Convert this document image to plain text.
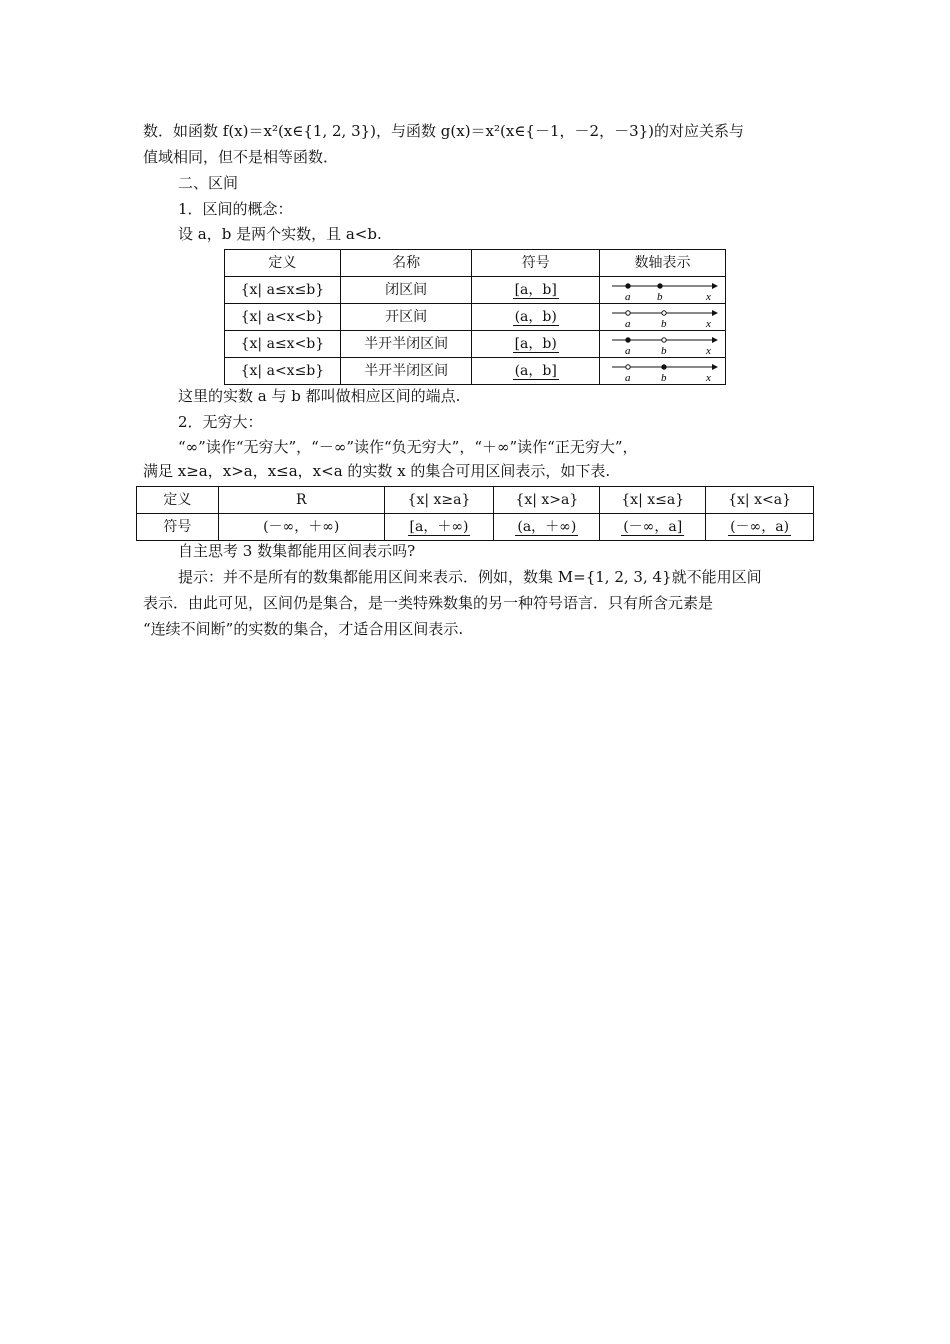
数．如函数 f(x)＝x²(x∈{1, 2, 3})，与函数 g(x)＝x²(x∈{－1，－2，－3})的对应关系与
值域相同，但不是相等函数．
二、区间
1．区间的概念：
设 a，b 是两个实数，且 a<b.
定义	名称	符号	数轴表示
{x| a≤x≤b}	闭区间	[a，b]	a b x

{x| a<x<b}	开区间	(a，b)	a b x

{x| a≤x<b}	半开半闭区间	[a，b)	a b x

{x| a<x≤b}	半开半闭区间	(a，b]	a b x
这里的实数 a 与 b 都叫做相应区间的端点.
2．无穷大：
“∞”读作“无穷大”，“－∞”读作“负无穷大”，“＋∞”读作“正无穷大”，
满足 x≥a，x>a，x≤a，x<a 的实数 x 的集合可用区间表示，如下表.
定义	R	{x| x≥a}	{x| x>a}	{x| x≤a}	{x| x<a}
符号	(－∞，＋∞)	[a，＋∞)	(a，＋∞)	(－∞，a]	(－∞，a)
自主思考 3 数集都能用区间表示吗?
提示：并不是所有的数集都能用区间来表示．例如，数集 M={1, 2, 3, 4}就不能用区间
表示．由此可见，区间仍是集合，是一类特殊数集的另一种符号语言．只有所含元素是
“连续不间断”的实数的集合，才适合用区间表示.
